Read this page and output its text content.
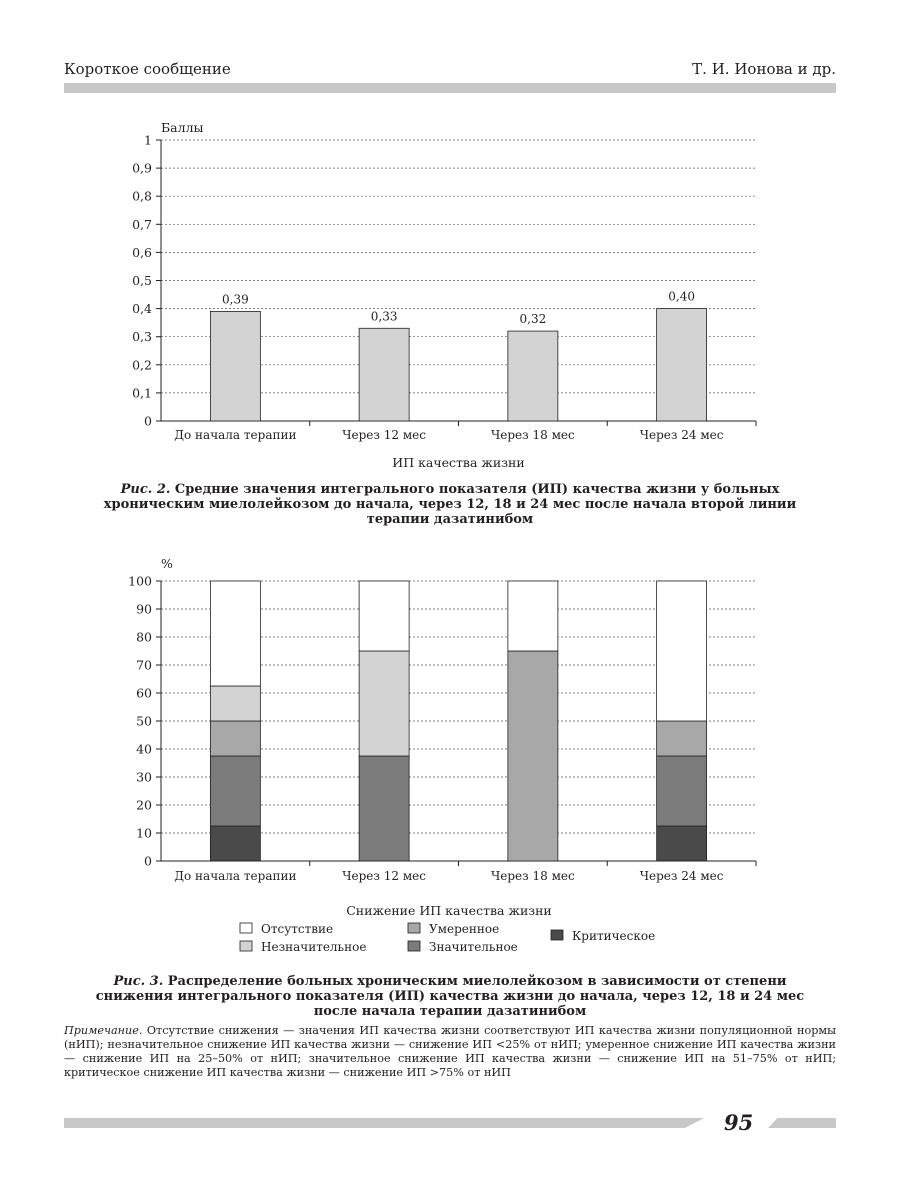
Короткое сообщение	Т. И. Ионова и др.
0
0,1
0,2
0,3
0,4
0,5
0,6
0,7
0,8
0,9
1
Баллы
0,39
До начала терапии
0,33
Через 12 мес
0,32
Через 18 мес
0,40
Через 24 мес
ИП качества жизни
Рис. 2. Средние значения интегрального показателя (ИП) качества жизни у больных хроническим миелолейкозом до начала, через 12, 18 и 24 мес после начала второй линии терапии дазатинибом
0
10
20
30
40
50
60
70
80
90
100
%
До начала терапии	Через 12 мес	Через 18 мес	Через 24 мес
Снижение ИП качества жизни
Критическое
Значительное
Умеренное
Незначительное
Отсутствие
Рис. 3. Распределение больных хроническим миелолейкозом в зависимости от степени снижения интегрального показателя (ИП) качества жизни до начала, через 12, 18 и 24 мес после начала терапии дазатинибом
Примечание. Отсутствие снижения — значения ИП качества жизни соответствуют ИП качества жизни популяционной нормы (нИП); незначительное снижение ИП качества жизни — снижение ИП <25% от нИП; умеренное снижение ИП качества жизни — снижение ИП на 25–50% от нИП; значительное снижение ИП качества жизни — снижение ИП на 51–75% от нИП; критическое снижение ИП качества жизни — снижение ИП >75% от нИП
95
